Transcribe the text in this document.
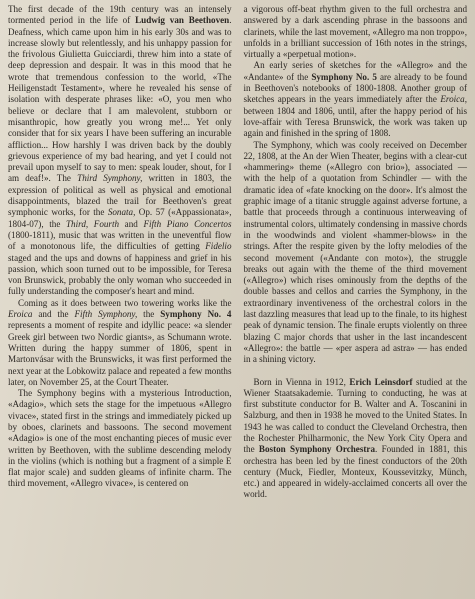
The first decade of the 19th century was an intensely tormented period in the life of Ludwig van Beethoven. Deafness, which came upon him in his early 30s and was to increase slowly but relentlessly, and his unhappy passion for the frivolous Giulietta Guicciardi, threw him into a state of deep depression and despair. It was in this mood that he wrote that tremendous confession to the world, «The Heiligenstadt Testament», where he revealed his sense of isolation with desperate phrases like: «O, you men who believe or declare that I am malevolent, stubborn or misanthropic, how greatly you wrong me!... Yet only consider that for six years I have been suffering an incurable affliction... How harshly I was driven back by the doubly grievous experience of my bad hearing, and yet I could not prevail upon myself to say to men: speak louder, shout, for I am deaf!». The Third Symphony, written in 1803, the expression of political as well as physical and emotional disappointments, blazed the trail for Beethoven's great symphonic works, for the Sonata, Op. 57 («Appassionata», 1804-07), the Third, Fourth and Fifth Piano Concertos (1800-1811), music that was written in the uneventful flow of a monotonous life, the difficulties of getting Fidelio staged and the ups and downs of happiness and grief in his passion, which soon turned out to be impossible, for Teresa von Brunswick, probably the only woman who succeeded in fully understanding the composer's heart and mind.

Coming as it does between two towering works like the Eroica and the Fifth Symphony, the Symphony No. 4 represents a moment of respite and idyllic peace: «a slender Greek girl between two Nordic giants», as Schumann wrote. Written during the happy summer of 1806, spent in Martonvásar with the Brunswicks, it was first performed the next year at the Lobkowitz palace and repeated a few months later, on November 25, at the Court Theater.

The Symphony begins with a mysterious Introduction, «Adagio», which sets the stage for the impetuous «Allegro vivace», stated first in the strings and immediately picked up by oboes, clarinets and bassoons. The second movement «Adagio» is one of the most enchanting pieces of music ever written by Beethoven, with the sublime descending melody in the violins (which is nothing but a fragment of a simple E flat major scale) and sudden gleams of infinite charm. The third movement, «Allegro vivace», is centered on

a vigorous off-beat rhythm given to the full orchestra and answered by a dark ascending phrase in the bassoons and clarinets, while the last movement, «Allegro ma non troppo», unfolds in a brilliant succession of 16th notes in the strings, virtually a «perpetual motion».

An early series of sketches for the «Allegro» and the «Andante» of the Symphony No. 5 are already to be found in Beethoven's notebooks of 1800-1808. Another group of sketches appears in the years immediately after the Eroica, between 1804 and 1806, until, after the happy period of his love-affair with Teresa Brunswick, the work was taken up again and finished in the spring of 1808.

The Symphony, which was cooly received on December 22, 1808, at the An der Wien Theater, begins with a clear-cut «hammering» theme («Allegro con brio»), associated — with the help of a quotation from Schindler — with the dramatic idea of «fate knocking on the door». It's almost the graphic image of a titanic struggle against adverse fortune, a battle that proceeds through a continuous interweaving of instrumental colors, ultimately condensing in massive chords in the woodwinds and violent «hammer-blows» in the strings. After the respite given by the lofty melodies of the second movement («Andante con moto»), the struggle breaks out again with the theme of the third movement («Allegro») which rises ominously from the depths of the double basses and cellos and carries the Symphony, in the extraordinary inventiveness of the orchestral colors in the last dazzling measures that lead up to the finale, to its highest peak of dynamic tension. The finale erupts violently on three blazing C major chords that usher in the last incandescent «Allegro»: the battle — «per aspera ad astra» — has ended in a shining victory.

Born in Vienna in 1912, Erich Leinsdorf studied at the Wiener Staatsakademie. Turning to conducting, he was at first substitute conductor for B. Walter and A. Toscanini in Salzburg, and then in 1938 he moved to the United States. In 1943 he was called to conduct the Cleveland Orchestra, then the Rochester Philharmonic, the New York City Opera and the Boston Symphony Orchestra. Founded in 1881, this orchestra has been led by the finest conductors of the 20th century (Muck, Fiedler, Monteux, Koussevitzky, Münch, etc.) and appeared in widely-acclaimed concerts all over the world.
